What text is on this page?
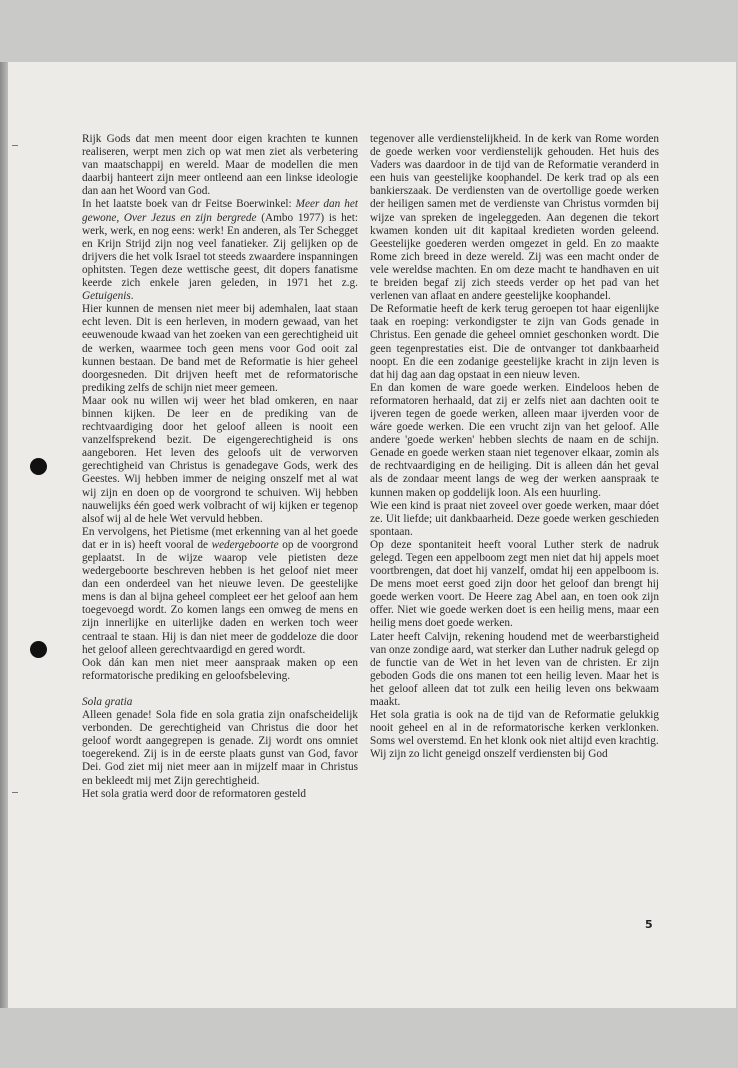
Rijk Gods dat men meent door eigen krachten te kunnen realiseren, werpt men zich op wat men ziet als verbetering van maatschappij en wereld. Maar de modellen die men daarbij hanteert zijn meer ontleend aan een linkse ideologie dan aan het Woord van God.

In het laatste boek van dr Feitse Boerwinkel: Meer dan het gewone, Over Jezus en zijn bergrede (Ambo 1977) is het: werk, werk, en nog eens: werk! En anderen, als Ter Schegget en Krijn Strijd zijn nog veel fanatieker. Zij gelijken op de drijvers die het volk Israel tot steeds zwaardere inspanningen ophitsten. Tegen deze wettische geest, dit dopers fanatisme keerde zich enkele jaren geleden, in 1971 het z.g. Getuigenis.

Hier kunnen de mensen niet meer bij ademhalen, laat staan echt leven. Dit is een herleven, in modern gewaad, van het eeuwenoude kwaad van het zoeken van een gerechtigheid uit de werken, waarmee toch geen mens voor God ooit zal kunnen bestaan. De band met de Reformatie is hier geheel doorgesneden. Dit drijven heeft met de reformatorische prediking zelfs de schijn niet meer gemeen.

Maar ook nu willen wij weer het blad omkeren, en naar binnen kijken. De leer en de prediking van de rechtvaardiging door het geloof alleen is nooit een vanzelfsprekend bezit. De eigengerechtigheid is ons aangeboren. Het leven des geloofs uit de verworven gerechtigheid van Christus is genadegave Gods, werk des Geestes. Wij hebben immer de neiging onszelf met al wat wij zijn en doen op de voorgrond te schuiven. Wij hebben nauwelijks één goed werk volbracht of wij kijken er tegenop alsof wij al de hele Wet vervuld hebben.

En vervolgens, het Pietisme (met erkenning van al het goede dat er in is) heeft vooral de wedergeboorte op de voorgrond geplaatst. In de wijze waarop vele pietisten deze wedergeboorte beschreven hebben is het geloof niet meer dan een onderdeel van het nieuwe leven. De geestelijke mens is dan al bijna geheel compleet eer het geloof aan hem toegevoegd wordt. Zo komen langs een omweg de mens en zijn innerlijke en uiterlijke daden en werken toch weer centraal te staan. Hij is dan niet meer de goddeloze die door het geloof alleen gerechtvaardigd en gered wordt.

Ook dán kan men niet meer aanspraak maken op een reformatorische prediking en geloofsbeleving.

Sola gratia

Alleen genade! Sola fide en sola gratia zijn onafscheidelijk verbonden. De gerechtigheid van Christus die door het geloof wordt aangegrepen is genade. Zij wordt ons omniet toegerekend. Zij is in de eerste plaats gunst van God, favor Dei. God ziet mij niet meer aan in mijzelf maar in Christus en bekleedt mij met Zijn gerechtigheid.

Het sola gratia werd door de reformatoren gesteld

tegenover alle verdienstelijkheid. In de kerk van Rome worden de goede werken voor verdienstelijk gehouden. Het huis des Vaders was daardoor in de tijd van de Reformatie veranderd in een huis van geestelijke koophandel. De kerk trad op als een bankierszaak. De verdiensten van de overtollige goede werken der heiligen samen met de verdienste van Christus vormden bij wijze van spreken de ingeleggeden. Aan degenen die tekort kwamen konden uit dit kapitaal kredieten worden geleend. Geestelijke goederen werden omgezet in geld. En zo maakte Rome zich breed in deze wereld. Zij was een macht onder de vele wereldse machten. En om deze macht te handhaven en uit te breiden begaf zij zich steeds verder op het pad van het verlenen van aflaat en andere geestelijke koophandel.

De Reformatie heeft de kerk terug geroepen tot haar eigenlijke taak en roeping: verkondigster te zijn van Gods genade in Christus. Een genade die geheel omniet geschonken wordt. Die geen tegenprestaties eist. Die de ontvanger tot dankbaarheid noopt. En die een zodanige geestelijke kracht in zijn leven is dat hij dag aan dag opstaat in een nieuw leven.

En dan komen de ware goede werken. Eindeloos heben de reformatoren herhaald, dat zij er zelfs niet aan dachten ooit te ijveren tegen de goede werken, alleen maar ijverden voor de wáre goede werken. Die een vrucht zijn van het geloof. Alle andere 'goede werken' hebben slechts de naam en de schijn. Genade en goede werken staan niet tegenover elkaar, zomin als de rechtvaardiging en de heiliging. Dit is alleen dán het geval als de zondaar meent langs de weg der werken aanspraak te kunnen maken op goddelijk loon. Als een huurling.

Wie een kind is praat niet zoveel over goede werken, maar dóet ze. Uit liefde; uit dankbaarheid. Deze goede werken geschieden spontaan.

Op deze spontaniteit heeft vooral Luther sterk de nadruk gelegd. Tegen een appelboom zegt men niet dat hij appels moet voortbrengen, dat doet hij vanzelf, omdat hij een appelboom is. De mens moet eerst goed zijn door het geloof dan brengt hij goede werken voort. De Heere zag Abel aan, en toen ook zijn offer. Niet wie goede werken doet is een heilig mens, maar een heilig mens doet goede werken.

Later heeft Calvijn, rekening houdend met de weerbarstigheid van onze zondige aard, wat sterker dan Luther nadruk gelegd op de functie van de Wet in het leven van de christen. Er zijn geboden Gods die ons manen tot een heilig leven. Maar het is het geloof alleen dat tot zulk een heilig leven ons bekwaam maakt.

Het sola gratia is ook na de tijd van de Reformatie gelukkig nooit geheel en al in de reformatorische kerken verklonken. Soms wel overstemd. En het klonk ook niet altijd even krachtig.

Wij zijn zo licht geneigd onszelf verdiensten bij God

5
